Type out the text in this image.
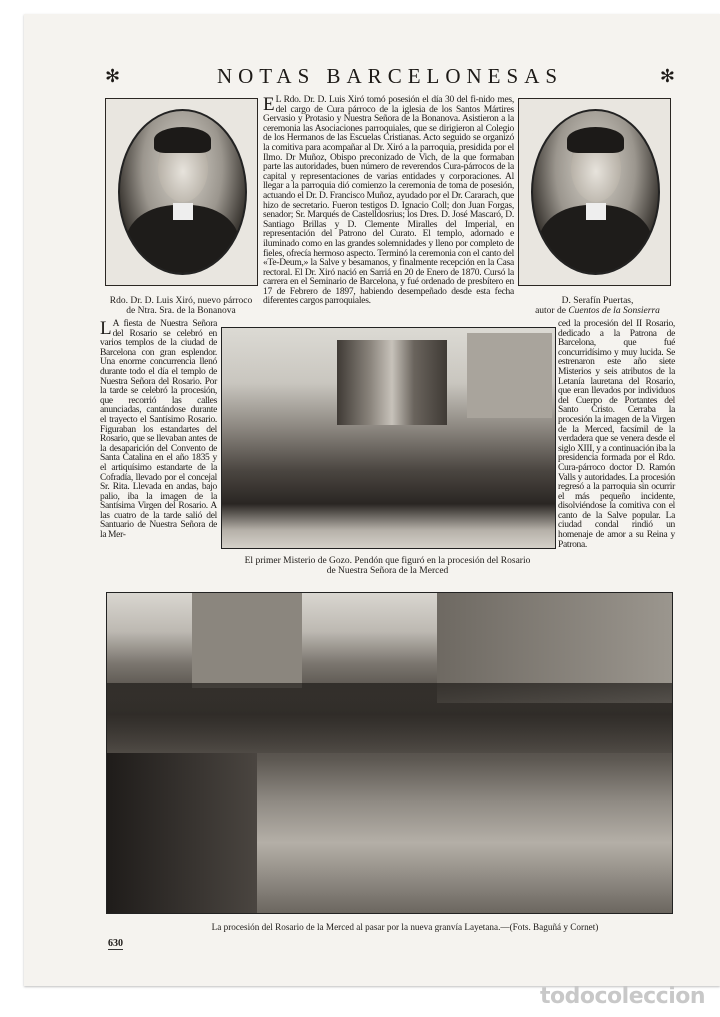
✻	NOTAS BARCELONESAS	✻
Rdo. Dr. D. Luis Xiró, nuevo párroco
de Ntra. Sra. de la Bonanova
D. Serafín Puertas,
autor de Cuentos de la Sonsierra
E L Rdo. Dr. D. Luis Xiró tomó posesión el día 30 del fi-nido mes, del cargo de Cura párroco de la iglesia de los Santos Mártires Gervasio y Protasio y Nuestra Señora de la Bonanova. Asistieron a la ceremonia las Asociaciones parroquiales, que se dirigieron al Colegio de los Hermanos de las Escuelas Cristianas. Acto seguido se organizó la comitiva para acompañar al Dr. Xiró a la parroquia, presidida por el Ilmo. Dr Muñoz, Obispo preconizado de Vich, de la que formaban parte las autoridades, buen número de reverendos Cura-párrocos de la capital y representaciones de varias entidades y corporaciones. Al llegar a la parroquia dió comienzo la ceremonia de toma de posesión, actuando el Dr. D. Francisco Muñoz, ayudado por el Dr. Cararach, que hizo de secretario. Fueron testigos D. Ignacio Coll; don Juan Forgas, senador; Sr. Marqués de Castelldosrius; los Dres. D. José Mascaró, D. Santiago Brillas y D. Clemente Miralles del Imperial, en representación del Patrono del Curato. El templo, adornado e iluminado como en las grandes solemnidades y lleno por completo de fieles, ofrecía hermoso aspecto. Terminó la ceremonia con el canto del «Te-Deum,» la Salve y besamanos, y finalmente recepción en la Casa rectoral. El Dr. Xiró nació en Sarriá en 20 de Enero de 1870. Cursó la carrera en el Seminario de Barcelona, y fué ordenado de presbítero en 17 de Febrero de 1897, habiendo desempeñado desde esta fecha diferentes cargos parroquiales.
L A fiesta de Nuestra Señora del Rosario se celebró en varios templos de la ciudad de Barcelona con gran esplendor. Una enorme concurrencia llenó durante todo el día el templo de Nuestra Señora del Rosario. Por la tarde se celebró la procesión, que recorrió las calles anunciadas, cantándose durante el trayecto el Santísimo Rosario. Figuraban los estandartes del Rosario, que se llevaban antes de la desaparición del Convento de Santa Catalina en el año 1835 y el artiquísimo estandarte de la Cofradía, llevado por el concejal Sr. Rita. Llevada en andas, bajo palio, iba la imagen de la Santísima Virgen del Rosario. A las cuatro de la tarde salió del Santuario de Nuestra Señora de la Mer-
El primer Misterio de Gozo. Pendón que figuró en la procesión del Rosario
de Nuestra Señora de la Merced
ced la procesión del II Rosario, dedicado a la Patrona de Barcelona, que fué concurridísimo y muy lucida. Se estrenaron este año siete Misterios y seis atributos de la Letanía lauretana del Rosario, que eran llevados por individuos del Cuerpo de Portantes del Santo Cristo. Cerraba la procesión la imagen de la Virgen de la Merced, facsímil de la verdadera que se venera desde el siglo XIII, y a continuación iba la presidencia formada por el Rdo. Cura-párroco doctor D. Ramón Valls y autoridades. La procesión regresó a la parroquia sin ocurrir el más pequeño incidente, disolviéndose la comitiva con el canto de la Salve popular. La ciudad condal rindió un homenaje de amor a su Reina y Patrona.
La procesión del Rosario de la Merced al pasar por la nueva granvía Layetana.—(Fots. Baguñá y Cornet)
630
todocoleccion
